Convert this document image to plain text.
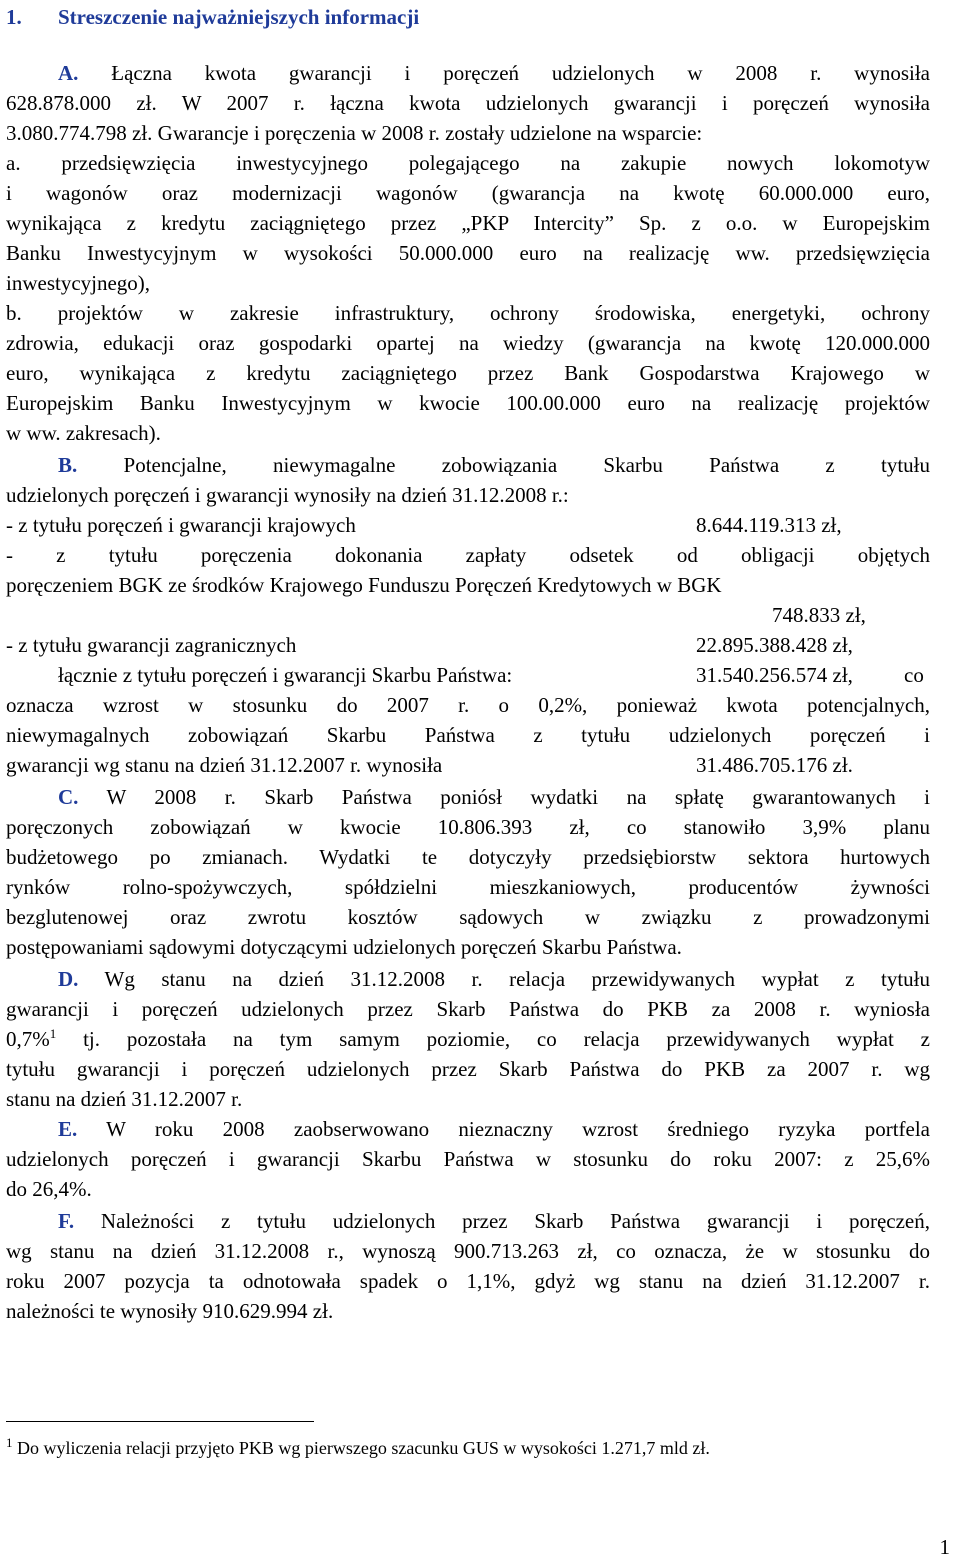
1. Streszczenie najważniejszych informacji
A. Łączna kwota gwarancji i poręczeń udzielonych w 2008 r. wynosiła
628.878.000 zł. W 2007 r. łączna kwota udzielonych gwarancji i poręczeń wynosiła
3.080.774.798 zł. Gwarancje i poręczenia w 2008 r. zostały udzielone na wsparcie:
a. przedsięwzięcia inwestycyjnego polegającego na zakupie nowych lokomotyw
i wagonów oraz modernizacji wagonów (gwarancja na kwotę 60.000.000 euro,
wynikająca z kredytu zaciągniętego przez „PKP Intercity” Sp. z o.o. w Europejskim
Banku Inwestycyjnym w wysokości 50.000.000 euro na realizację ww. przedsięwzięcia
inwestycyjnego),
b. projektów w zakresie infrastruktury, ochrony środowiska, energetyki, ochrony
zdrowia, edukacji oraz gospodarki opartej na wiedzy (gwarancja na kwotę 120.000.000
euro, wynikająca z kredytu zaciągniętego przez Bank Gospodarstwa Krajowego w
Europejskim Banku Inwestycyjnym w kwocie 100.00.000 euro na realizację projektów
w ww. zakresach).
B. Potencjalne, niewymagalne zobowiązania Skarbu Państwa z tytułu
udzielonych poręczeń i gwarancji wynosiły na dzień 31.12.2008 r.:
- z tytułu poręczeń i gwarancji krajowych	8.644.119.313 zł,
- z tytułu poręczenia dokonania zapłaty odsetek od obligacji objętych
poręczeniem BGK ze środków Krajowego Funduszu Poręczeń Kredytowych w BGK
748.833 zł,
- z tytułu gwarancji zagranicznych	22.895.388.428 zł,
łącznie z tytułu poręczeń i gwarancji Skarbu Państwa:	31.540.256.574 zł, co
oznacza wzrost w stosunku do 2007 r. o 0,2%, ponieważ kwota potencjalnych,
niewymagalnych zobowiązań Skarbu Państwa z tytułu udzielonych poręczeń i
gwarancji wg stanu na dzień 31.12.2007 r. wynosiła	31.486.705.176 zł.
C. W 2008 r. Skarb Państwa poniósł wydatki na spłatę gwarantowanych i
poręczonych zobowiązań w kwocie 10.806.393 zł, co stanowiło 3,9% planu
budżetowego po zmianach. Wydatki te dotyczyły przedsiębiorstw sektora hurtowych
rynków rolno-spożywczych, spółdzielni mieszkaniowych, producentów żywności
bezglutenowej oraz zwrotu kosztów sądowych w związku z prowadzonymi
postępowaniami sądowymi dotyczącymi udzielonych poręczeń Skarbu Państwa.
D. Wg stanu na dzień 31.12.2008 r. relacja przewidywanych wypłat z tytułu
gwarancji i poręczeń udzielonych przez Skarb Państwa do PKB za 2008 r. wyniosła
0,7%$^1$ tj. pozostała na tym samym poziomie, co relacja przewidywanych wypłat z
tytułu gwarancji i poręczeń udzielonych przez Skarb Państwa do PKB za 2007 r. wg
stanu na dzień 31.12.2007 r.
E. W roku 2008 zaobserwowano nieznaczny wzrost średniego ryzyka portfela
udzielonych poręczeń i gwarancji Skarbu Państwa w stosunku do roku 2007: z 25,6%
do 26,4%.
F. Należności z tytułu udzielonych przez Skarb Państwa gwarancji i poręczeń,
wg stanu na dzień 31.12.2008 r., wynoszą 900.713.263 zł, co oznacza, że w stosunku do
roku 2007 pozycja ta odnotowała spadek o 1,1%, gdyż wg stanu na dzień 31.12.2007 r.
należności te wynosiły 910.629.994 zł.
$^1$ Do wyliczenia relacji przyjęto PKB wg pierwszego szacunku GUS w wysokości 1.271,7 mld zł.
1
